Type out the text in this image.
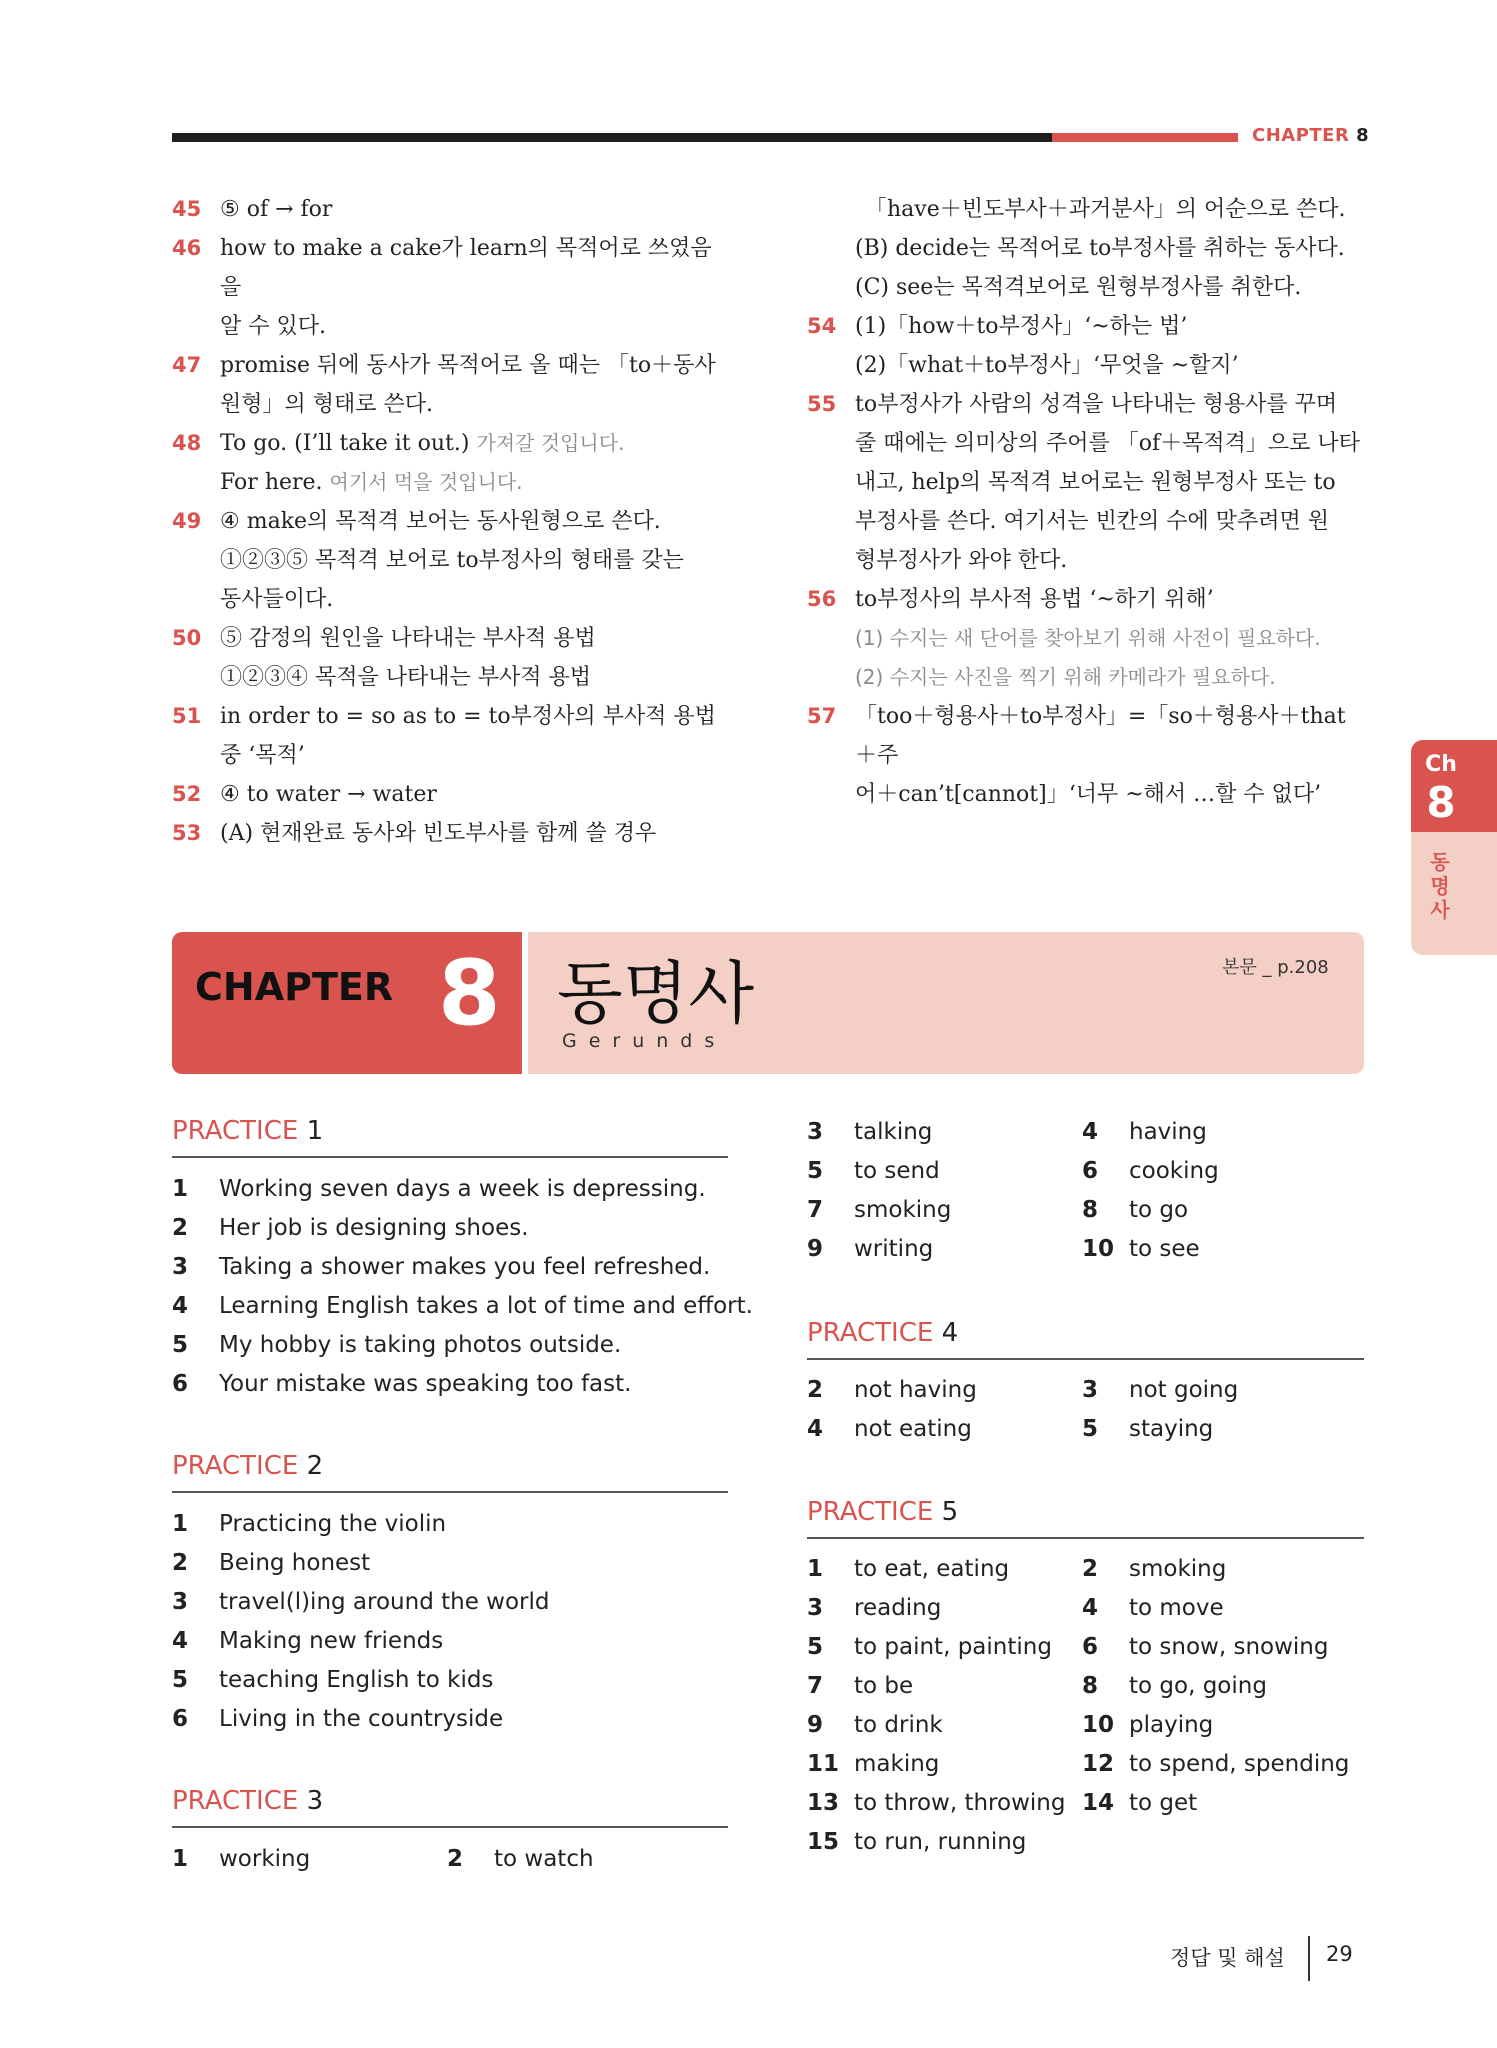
CHAPTER 8
45 ⑤ of → for
46 how to make a cake가 learn의 목적어로 쓰였음을
알 수 있다.
47 promise 뒤에 동사가 목적어로 올 때는 「to＋동사
원형」의 형태로 쓴다.
48 To go. (I’ll take it out.) 가져갈 것입니다.
For here. 여기서 먹을 것입니다.
49 ④ make의 목적격 보어는 동사원형으로 쓴다.
①②③⑤ 목적격 보어로 to부정사의 형태를 갖는
동사들이다.
50 ⑤ 감정의 원인을 나타내는 부사적 용법
①②③④ 목적을 나타내는 부사적 용법
51 in order to = so as to = to부정사의 부사적 용법
중 ‘목적’
52 ④ to water → water
53 (A) 현재완료 동사와 빈도부사를 함께 쓸 경우
「have＋빈도부사＋과거분사」의 어순으로 쓴다.
(B) decide는 목적어로 to부정사를 취하는 동사다.
(C) see는 목적격보어로 원형부정사를 취한다.
54 (1)「how＋to부정사」‘~하는 법’
(2)「what＋to부정사」‘무엇을 ~할지’
55 to부정사가 사람의 성격을 나타내는 형용사를 꾸며
줄 때에는 의미상의 주어를 「of＋목적격」으로 나타
내고, help의 목적격 보어로는 원형부정사 또는 to
부정사를 쓴다. 여기서는 빈칸의 수에 맞추려면 원
형부정사가 와야 한다.
56 to부정사의 부사적 용법 ‘~하기 위해’
(1) 수지는 새 단어를 찾아보기 위해 사전이 필요하다.
(2) 수지는 사진을 찍기 위해 카메라가 필요하다.
57 「too＋형용사＋to부정사」=「so＋형용사＋that＋주
어＋can’t[cannot]」‘너무 ~해서 …할 수 없다’
Ch
8
동명사
CHAPTER 8 동명사
Gerunds
본문 _ p.208
PRACTICE 1
1 Working seven days a week is depressing.
2 Her job is designing shoes.
3 Taking a shower makes you feel refreshed.
4 Learning English takes a lot of time and effort.
5 My hobby is taking photos outside.
6 Your mistake was speaking too fast.
PRACTICE 2
1 Practicing the violin
2 Being honest
3 travel(l)ing around the world
4 Making new friends
5 teaching English to kids
6 Living in the countryside
PRACTICE 3
1 working	2 to watch
3 talking	4 having
5 to send	6 cooking
7 smoking	8 to go
9 writing	10 to see
PRACTICE 4
2 not having	3 not going
4 not eating	5 staying
PRACTICE 5
1 to eat, eating	2 smoking
3 reading	4 to move
5 to paint, painting	6 to snow, snowing
7 to be	8 to go, going
9 to drink	10 playing
11 making	12 to spend, spending
13 to throw, throwing 14 to get
15 to run, running
정답 및 해설 29
